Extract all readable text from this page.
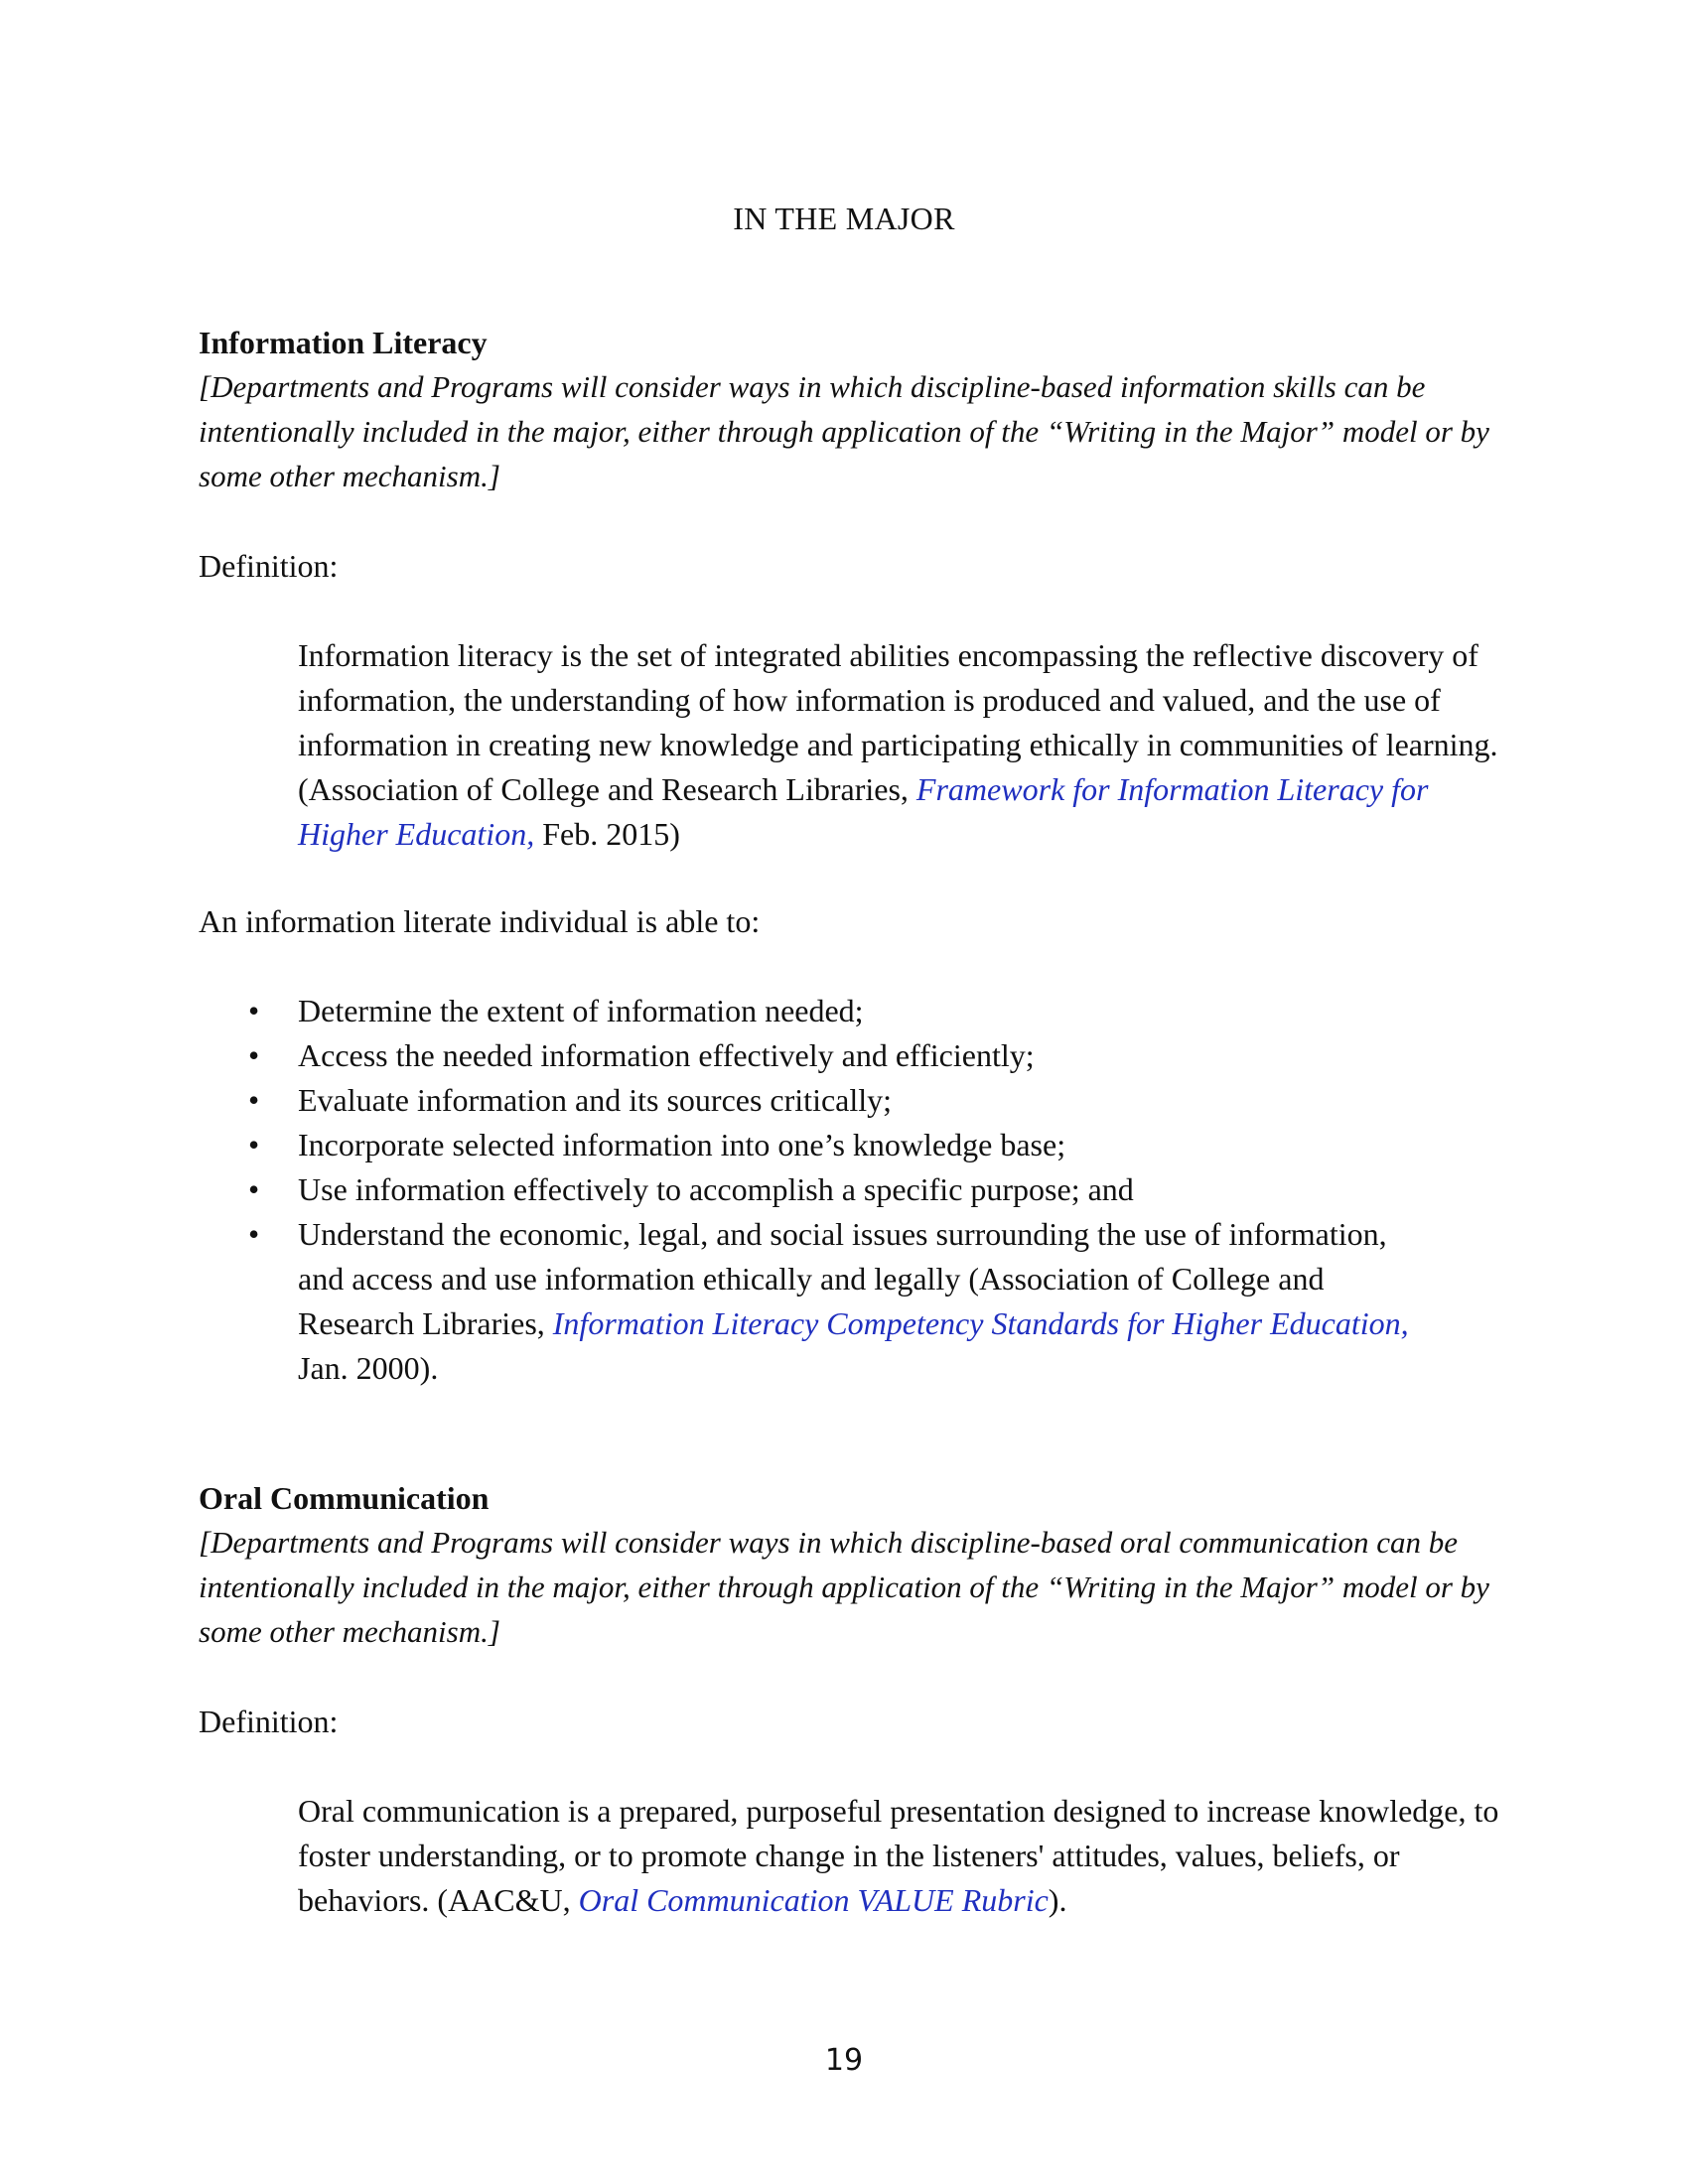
IN THE MAJOR

Information Literacy

[Departments and Programs will consider ways in which discipline-based information skills can be intentionally included in the major, either through application of the “Writing in the Major” model or by some other mechanism.]

Definition:

Information literacy is the set of integrated abilities encompassing the reflective discovery of information, the understanding of how information is produced and valued, and the use of information in creating new knowledge and participating ethically in communities of learning. (Association of College and Research Libraries, Framework for Information Literacy for Higher Education, Feb. 2015)

An information literate individual is able to:

• Determine the extent of information needed;
• Access the needed information effectively and efficiently;
• Evaluate information and its sources critically;
• Incorporate selected information into one’s knowledge base;
• Use information effectively to accomplish a specific purpose; and
• Understand the economic, legal, and social issues surrounding the use of information, and access and use information ethically and legally (Association of College and Research Libraries, Information Literacy Competency Standards for Higher Education, Jan. 2000).

Oral Communication

[Departments and Programs will consider ways in which discipline-based oral communication can be intentionally included in the major, either through application of the “Writing in the Major” model or by some other mechanism.]

Definition:

Oral communication is a prepared, purposeful presentation designed to increase knowledge, to foster understanding, or to promote change in the listeners' attitudes, values, beliefs, or behaviors. (AAC&U, Oral Communication VALUE Rubric).

19
